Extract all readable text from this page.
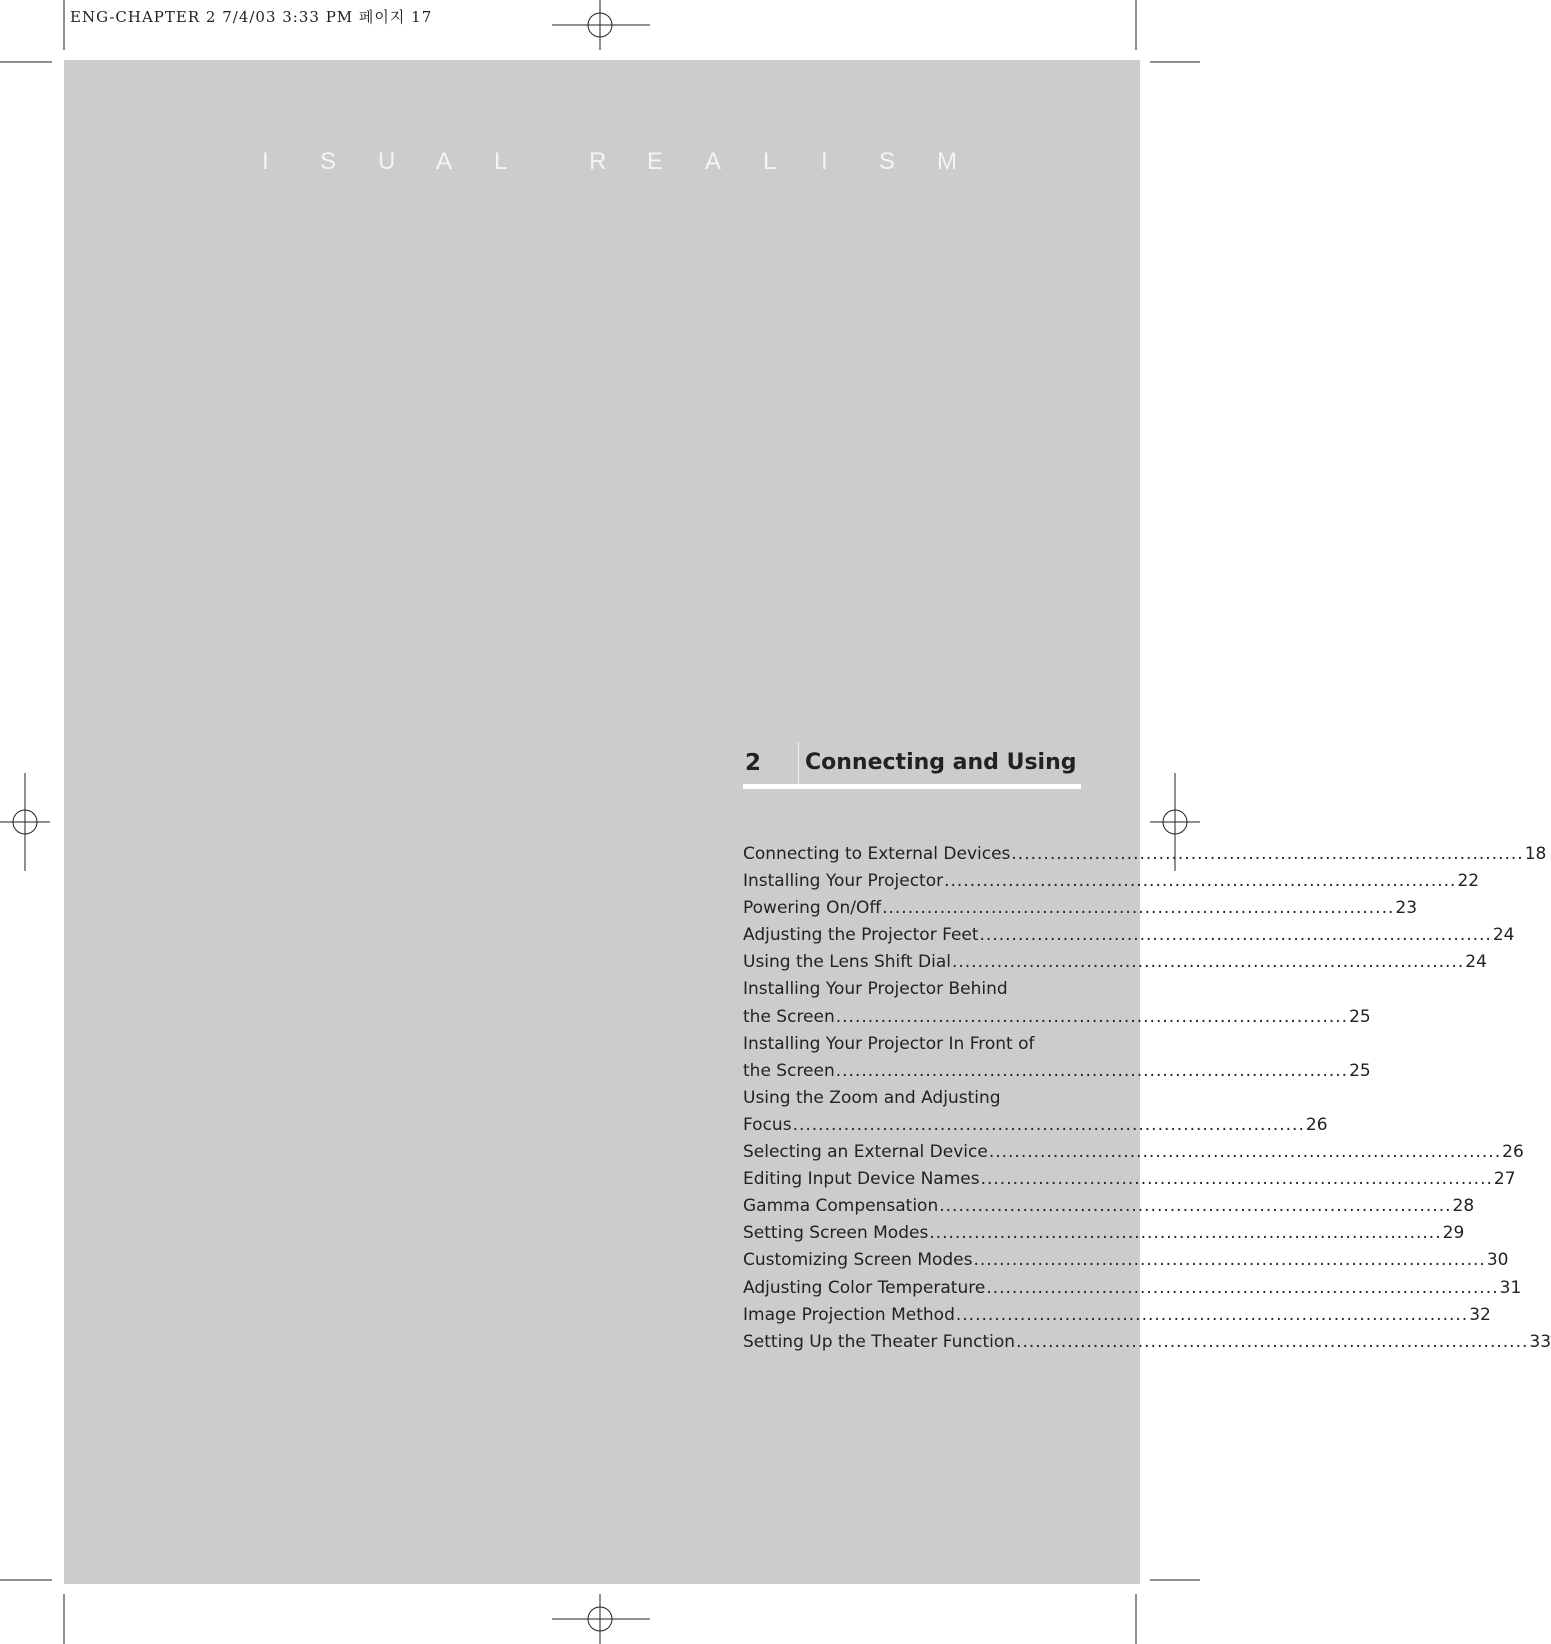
ENG-CHAPTER 2 7/4/03 3:33 PM 페이지 17
I S U A L	R E A L I S M
2 Connecting and Using
Connecting to External Devices .....	18
Installing Your Projector .....	22
Powering On/Off .....	23
Adjusting the Projector Feet .....	24
Using the Lens Shift Dial .....	24
Installing Your Projector Behind
the Screen .....	25
Installing Your Projector In Front of
the Screen .....	25
Using the Zoom and Adjusting
Focus .....	26
Selecting an External Device .....	26
Editing Input Device Names .....	27
Gamma Compensation .....	28
Setting Screen Modes .....	29
Customizing Screen Modes .....	30
Adjusting Color Temperature .....	31
Image Projection Method .....	32
Setting Up the Theater Function .....	33
